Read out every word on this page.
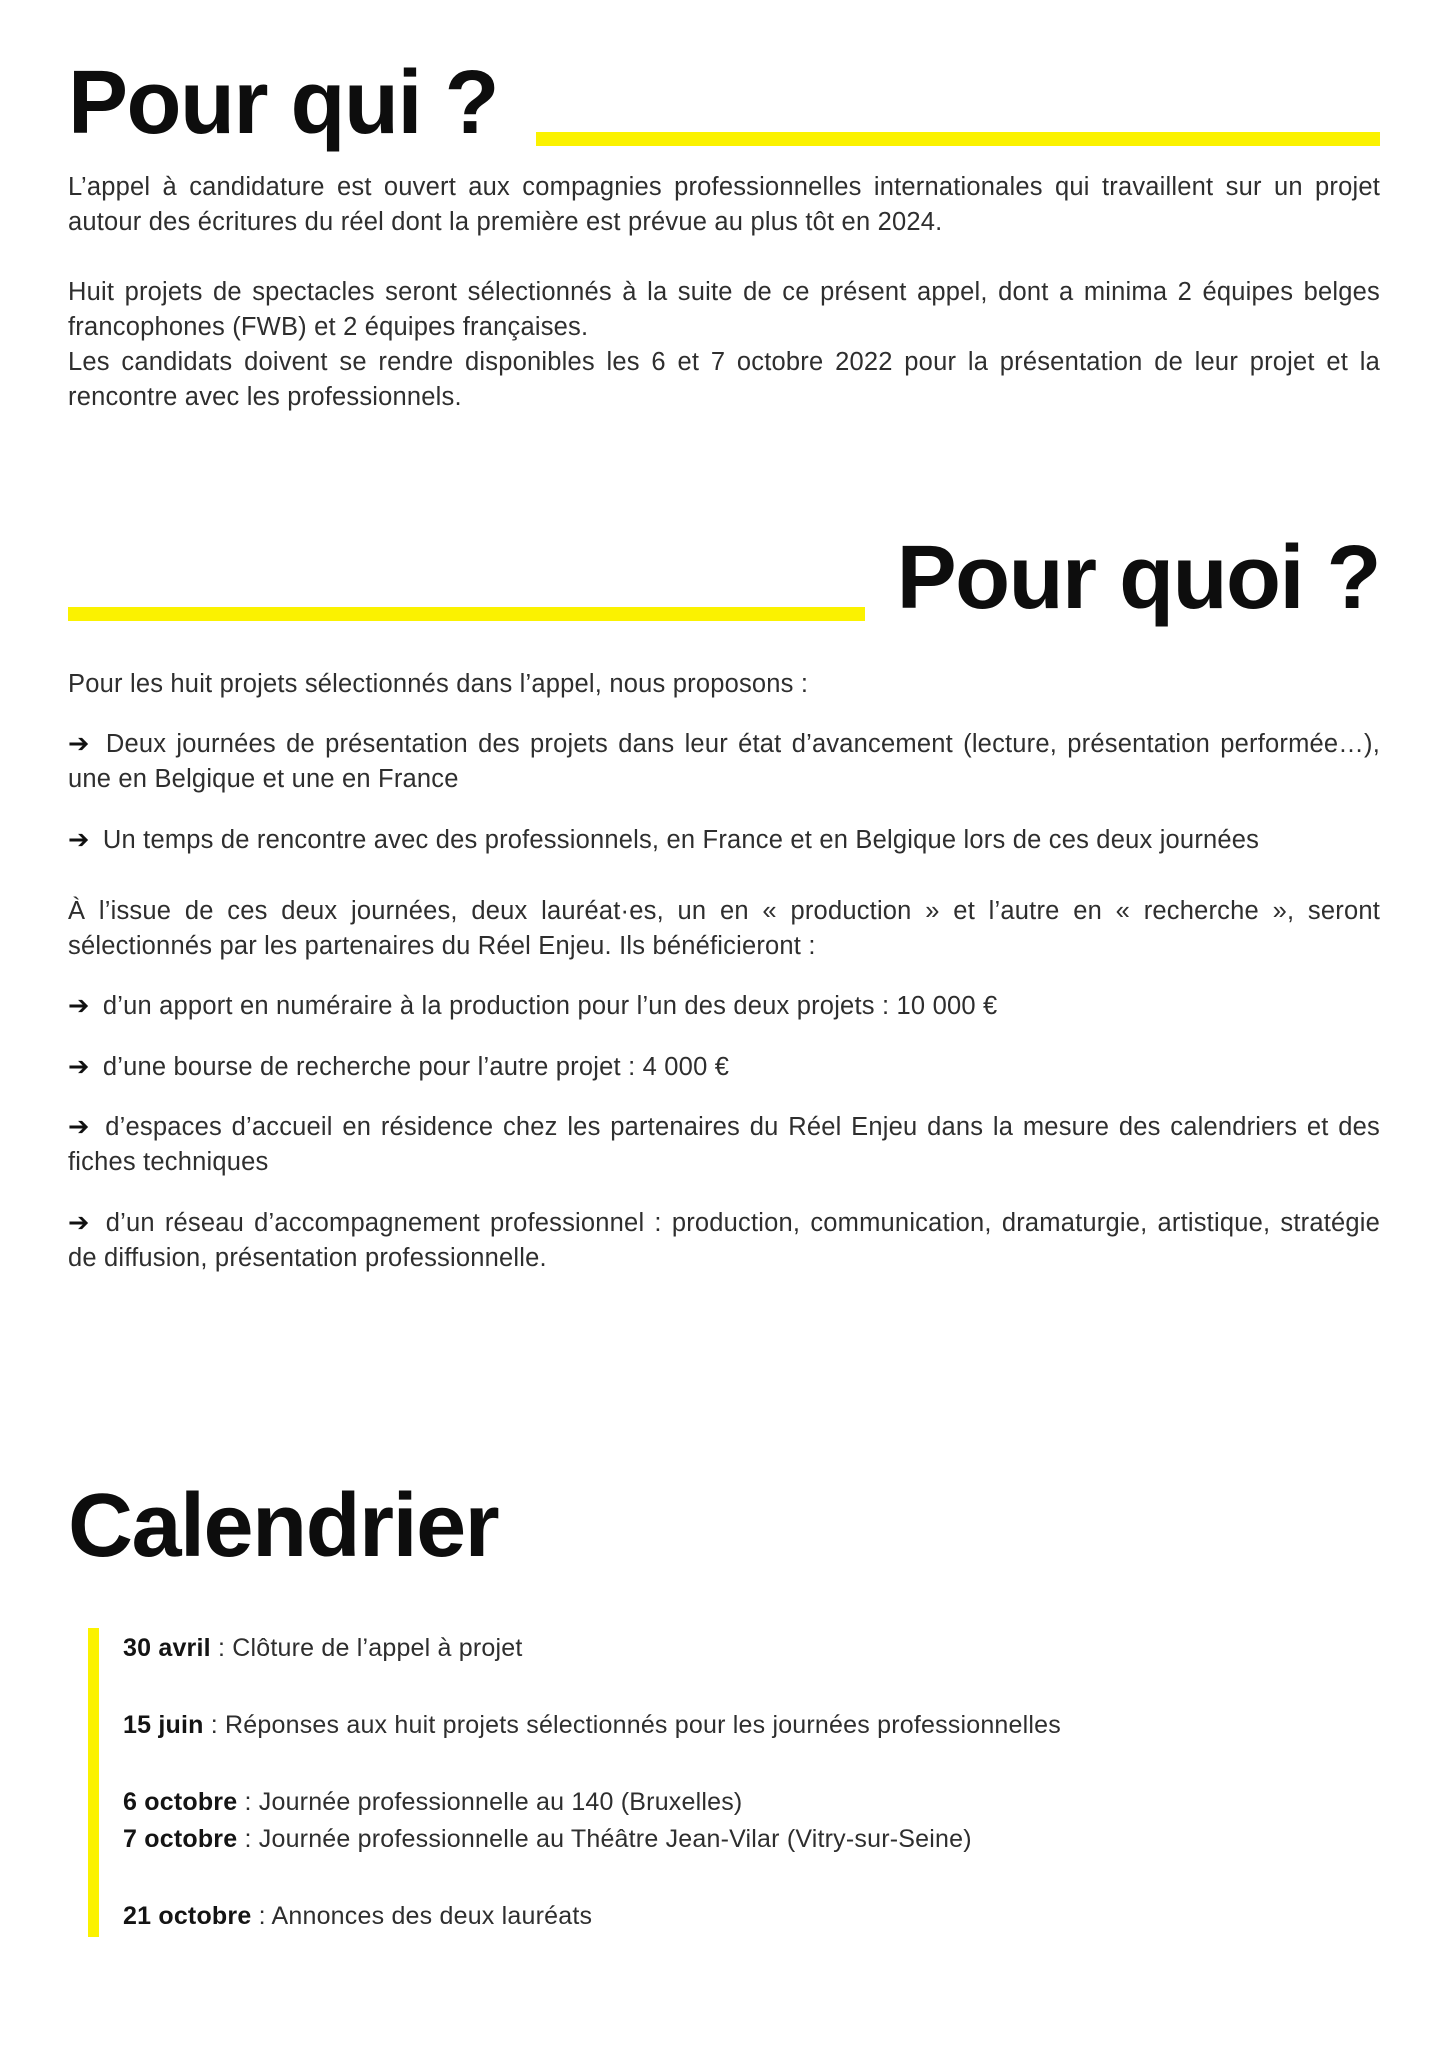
Pour qui ?

L’appel à candidature est ouvert aux compagnies professionnelles internationales qui travaillent sur un projet autour des écritures du réel dont la première est prévue au plus tôt en 2024.

Huit projets de spectacles seront sélectionnés à la suite de ce présent appel, dont a minima 2 équipes belges francophones (FWB) et 2 équipes françaises.
Les candidats doivent se rendre disponibles les 6 et 7 octobre 2022 pour la présentation de leur projet et la rencontre avec les professionnels.
Pour quoi ?

Pour les huit projets sélectionnés dans l’appel, nous proposons :

➔ Deux journées de présentation des projets dans leur état d’avancement (lecture, présentation performée…), une en Belgique et une en France

➔ Un temps de rencontre avec des professionnels, en France et en Belgique lors de ces deux journées

À l’issue de ces deux journées, deux lauréat·es, un en « production » et l’autre en « recherche », seront sélectionnés par les partenaires du Réel Enjeu. Ils bénéficieront :

➔ d’un apport en numéraire à la production pour l’un des deux projets : 10 000 €

➔ d’une bourse de recherche pour l’autre projet : 4 000 €

➔ d’espaces d’accueil en résidence chez les partenaires du Réel Enjeu dans la mesure des calendriers et des fiches techniques

➔ d’un réseau d’accompagnement professionnel : production, communication, dramaturgie, artistique, stratégie de diffusion, présentation professionnelle.

Calendrier

30 avril : Clôture de l’appel à projet

15 juin : Réponses aux huit projets sélectionnés pour les journées professionnelles

6 octobre : Journée professionnelle au 140 (Bruxelles)

7 octobre : Journée professionnelle au Théâtre Jean-Vilar (Vitry-sur-Seine)

21 octobre : Annonces des deux lauréats
